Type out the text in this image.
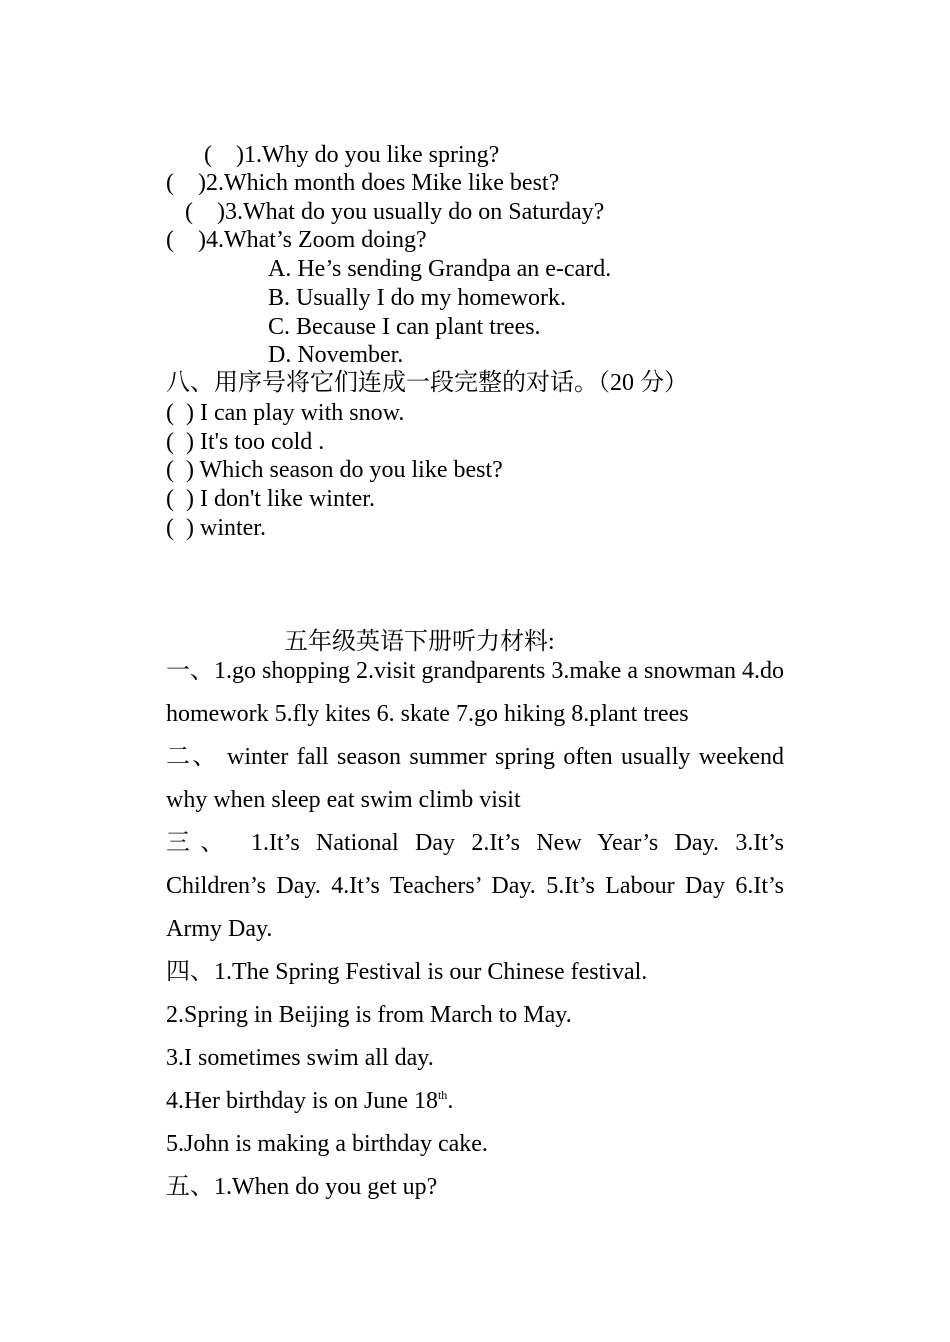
(    )1.Why do you like spring?
(    )2.Which month does Mike like best?
(    )3.What do you usually do on Saturday?
(    )4.What’s Zoom doing?
A. He’s sending Grandpa an e-card.
B. Usually I do my homework.
C. Because I can plant trees.
D. November.
八、用序号将它们连成一段完整的对话。（20 分）
(  ) I can play with snow.
(  ) It's too cold .
(  ) Which season do you like best?
(  ) I don't like winter.
(  ) winter.
五年级英语下册听力材料:
一、1.go shopping 2.visit grandparents 3.make a snowman 4.do homework 5.fly kites 6. skate 7.go hiking 8.plant trees
二、 winter fall season summer spring often usually weekend why when sleep eat swim climb visit
三、 1.It’s National Day 2.It’s New Year’s Day. 3.It’s Children’s Day. 4.It’s Teachers’ Day. 5.It’s Labour Day 6.It’s Army Day.
四、1.The Spring Festival is our Chinese festival.
2.Spring in Beijing is from March to May.
3.I sometimes swim all day.
4.Her birthday is on June 18th.
5.John is making a birthday cake.
五、1.When do you get up?
